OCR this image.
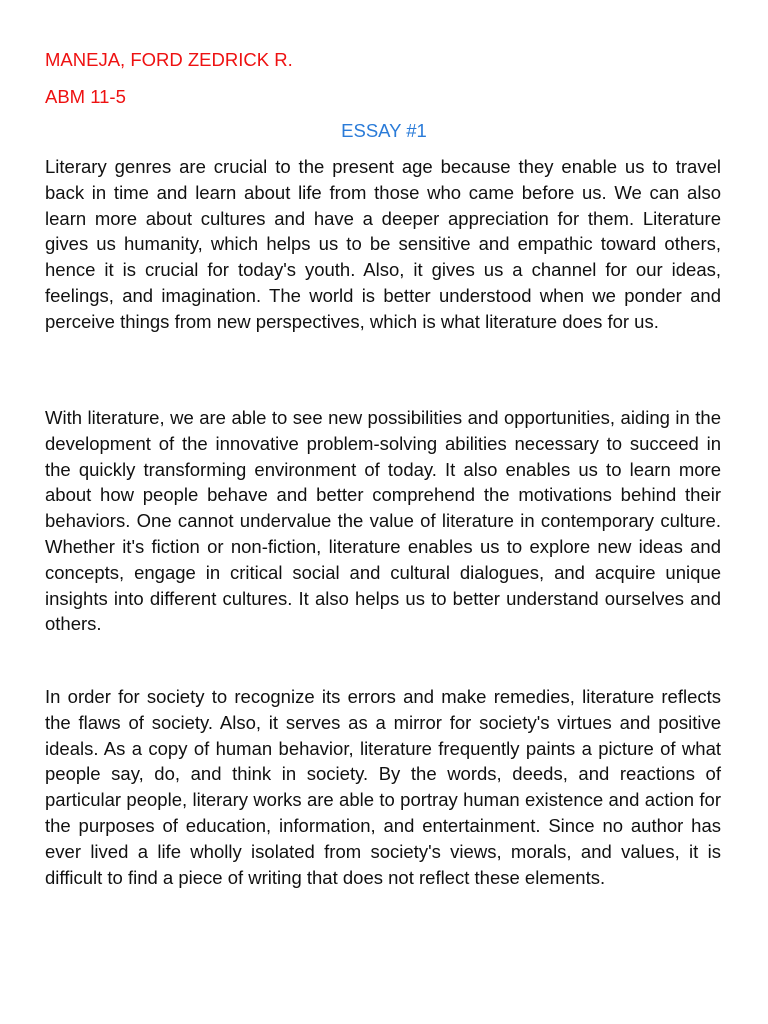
MANEJA, FORD ZEDRICK R.
ABM 11-5
ESSAY #1

Literary genres are crucial to the present age because they enable us to travel back in time and learn about life from those who came before us. We can also learn more about cultures and have a deeper appreciation for them. Literature gives us humanity, which helps us to be sensitive and empathic toward others, hence it is crucial for today's youth. Also, it gives us a channel for our ideas, feelings, and imagination. The world is better understood when we ponder and perceive things from new perspectives, which is what literature does for us.

With literature, we are able to see new possibilities and opportunities, aiding in the development of the innovative problem-solving abilities necessary to succeed in the quickly transforming environment of today. It also enables us to learn more about how people behave and better comprehend the motivations behind their behaviors. One cannot undervalue the value of literature in contemporary culture. Whether it's fiction or non-fiction, literature enables us to explore new ideas and concepts, engage in critical social and cultural dialogues, and acquire unique insights into different cultures. It also helps us to better understand ourselves and others.

In order for society to recognize its errors and make remedies, literature reflects the flaws of society. Also, it serves as a mirror for society's virtues and positive ideals. As a copy of human behavior, literature frequently paints a picture of what people say, do, and think in society. By the words, deeds, and reactions of particular people, literary works are able to portray human existence and action for the purposes of education, information, and entertainment. Since no author has ever lived a life wholly isolated from society's views, morals, and values, it is difficult to find a piece of writing that does not reflect these elements.
